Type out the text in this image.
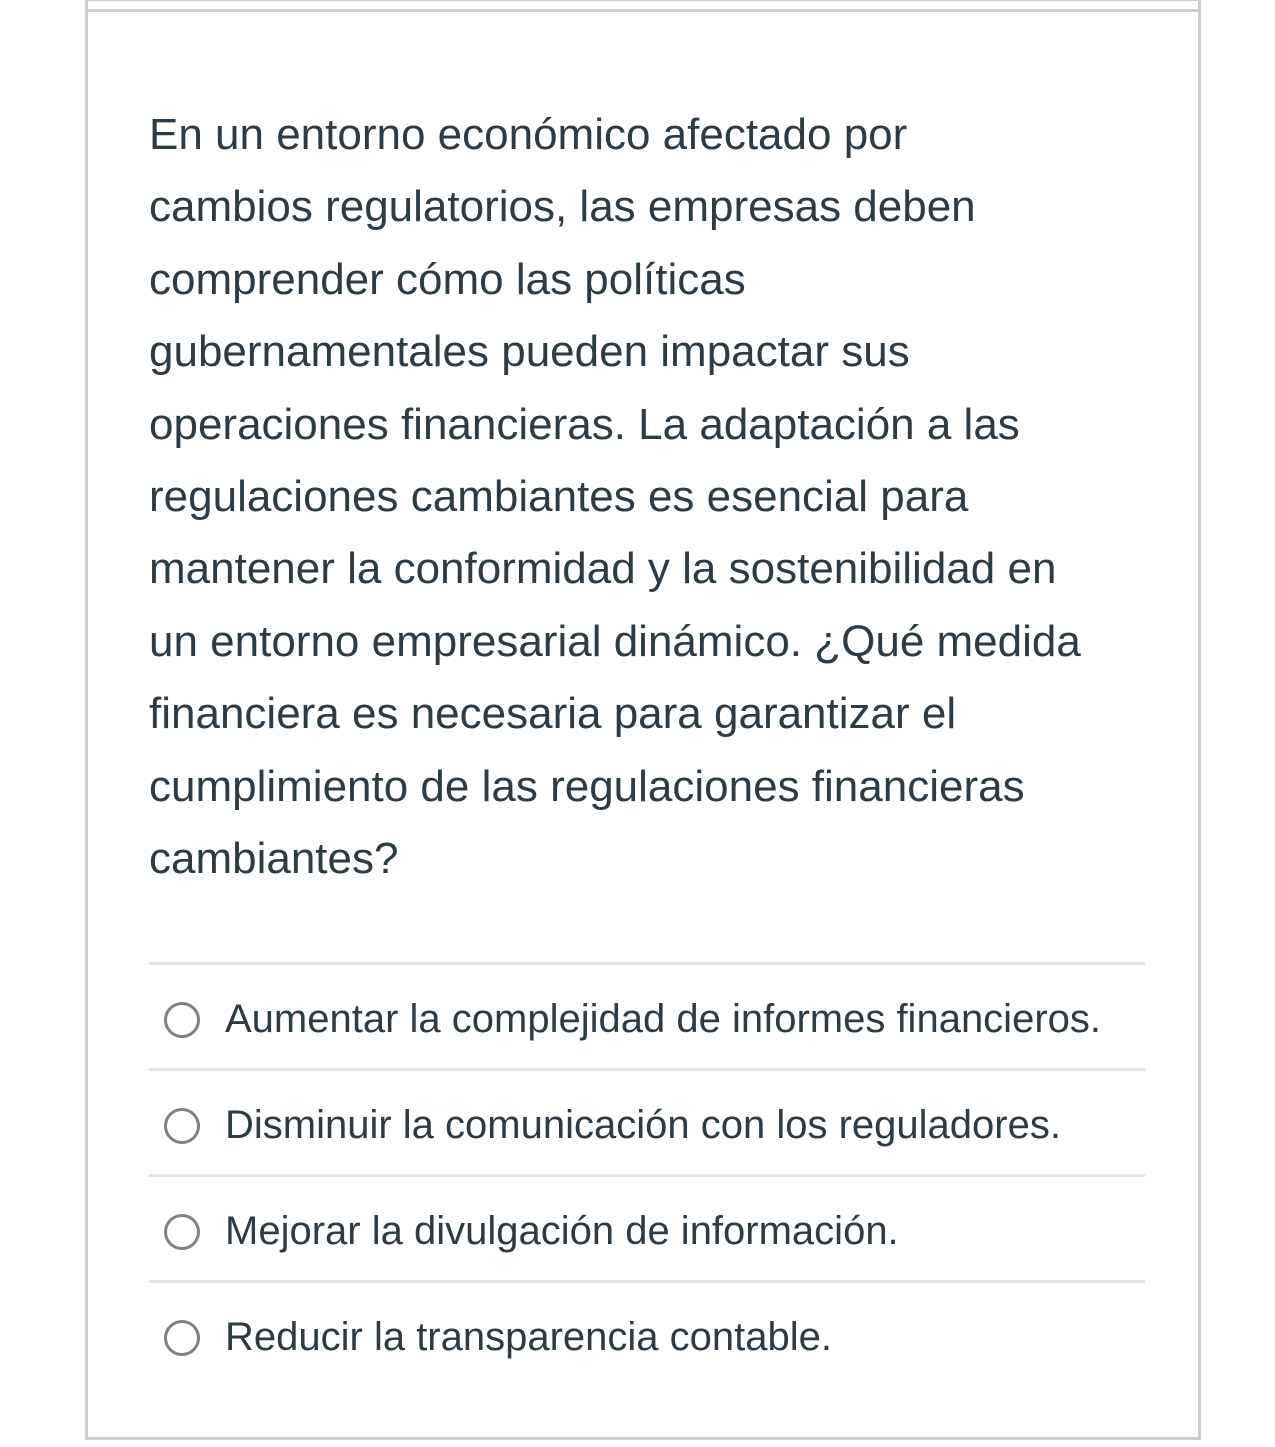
En un entorno económico afectado por
cambios regulatorios, las empresas deben
comprender cómo las políticas
gubernamentales pueden impactar sus
operaciones financieras. La adaptación a las
regulaciones cambiantes es esencial para
mantener la conformidad y la sostenibilidad en
un entorno empresarial dinámico. ¿Qué medida
financiera es necesaria para garantizar el
cumplimiento de las regulaciones financieras
cambiantes?

Aumentar la complejidad de informes financieros.
Disminuir la comunicación con los reguladores.
Mejorar la divulgación de información.
Reducir la transparencia contable.
